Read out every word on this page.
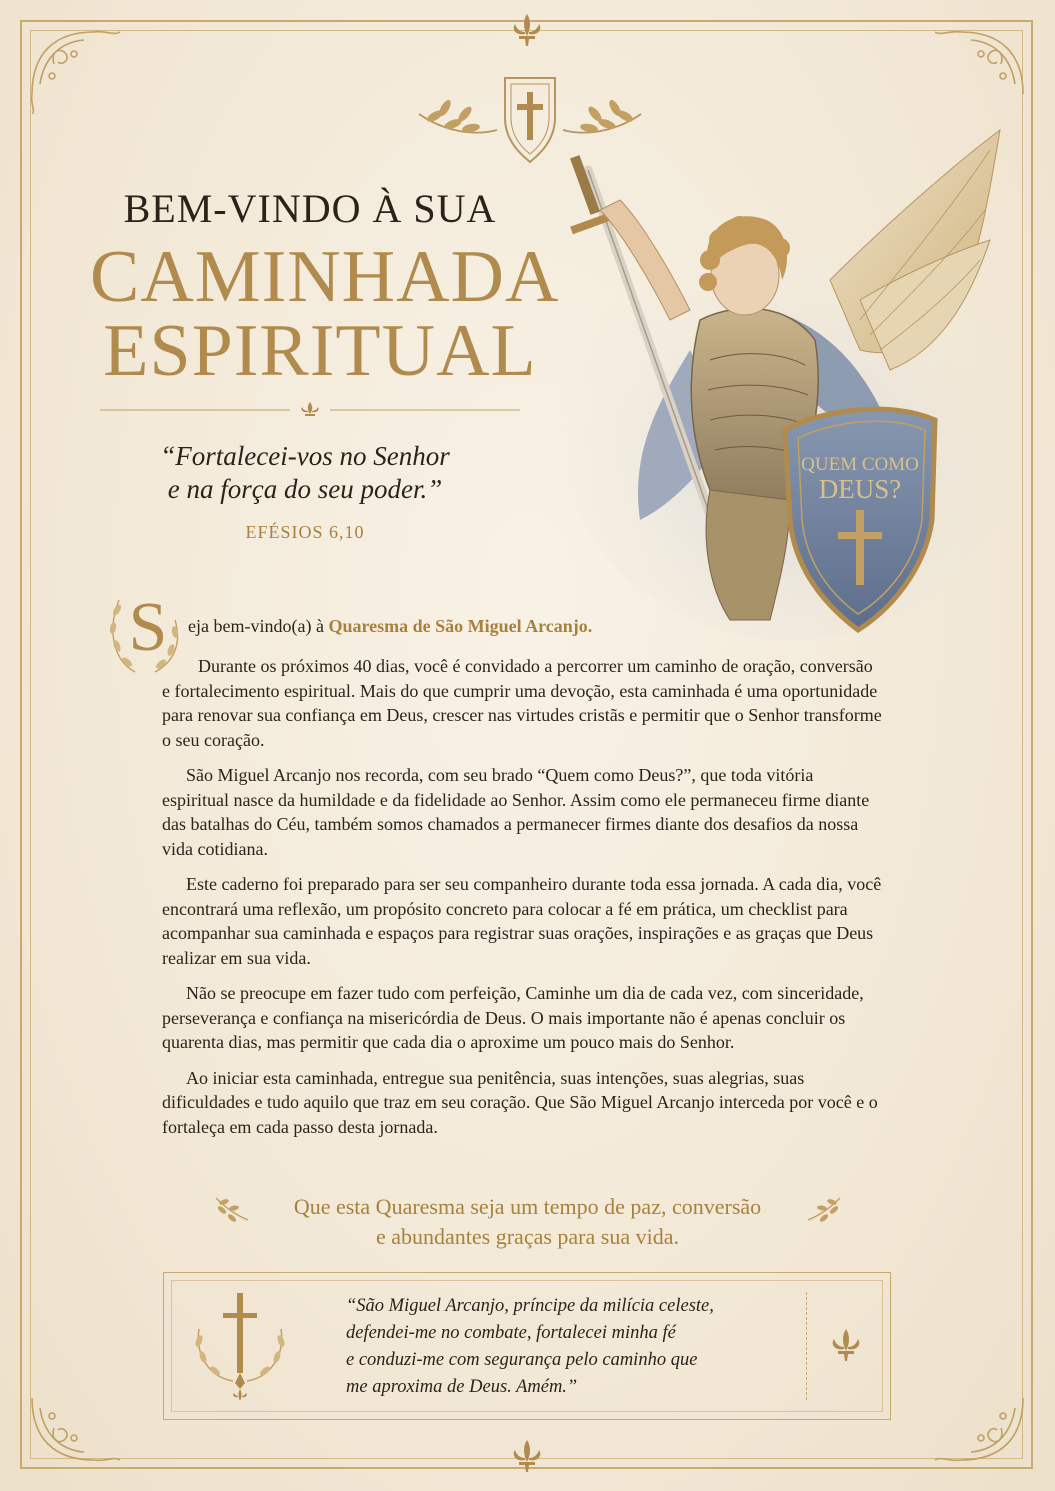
BEM-VINDO À SUA
CAMINHADA
ESPIRITUAL
“Fortalecei-vos no Senhor
e na força do seu poder.”
EFÉSIOS 6,10
QUEM COMO
DEUS?
S	eja bem-vindo(a) à Quaresma de São Miguel Arcanjo.

Durante os próximos 40 dias, você é convidado a percorrer um caminho de oração, conversão e fortalecimento espiritual. Mais do que cumprir uma devoção, esta caminhada é uma oportunidade para renovar sua confiança em Deus, crescer nas virtudes cristãs e permitir que o Senhor transforme o seu coração.

São Miguel Arcanjo nos recorda, com seu brado “Quem como Deus?”, que toda vitória espiritual nasce da humildade e da fidelidade ao Senhor. Assim como ele permaneceu firme diante das batalhas do Céu, também somos chamados a permanecer firmes diante dos desafios da nossa vida cotidiana.

Este caderno foi preparado para ser seu companheiro durante toda essa jornada. A cada dia, você encontrará uma reflexão, um propósito concreto para colocar a fé em prática, um checklist para acompanhar sua caminhada e espaços para registrar suas orações, inspirações e as graças que Deus realizar em sua vida.

Não se preocupe em fazer tudo com perfeição, Caminhe um dia de cada vez, com sinceridade, perseverança e confiança na misericórdia de Deus. O mais importante não é apenas concluir os quarenta dias, mas permitir que cada dia o aproxime um pouco mais do Senhor.

Ao iniciar esta caminhada, entregue sua penitência, suas intenções, suas alegrias, suas dificuldades e tudo aquilo que traz em seu coração. Que São Miguel Arcanjo interceda por você e o fortaleça em cada passo desta jornada.

Que esta Quaresma seja um tempo de paz, conversão
e abundantes graças para sua vida.
“São Miguel Arcanjo, príncipe da milícia celeste,
defendei-me no combate, fortalecei minha fé
e conduzi-me com segurança pelo caminho que
me aproxima de Deus. Amém.”
